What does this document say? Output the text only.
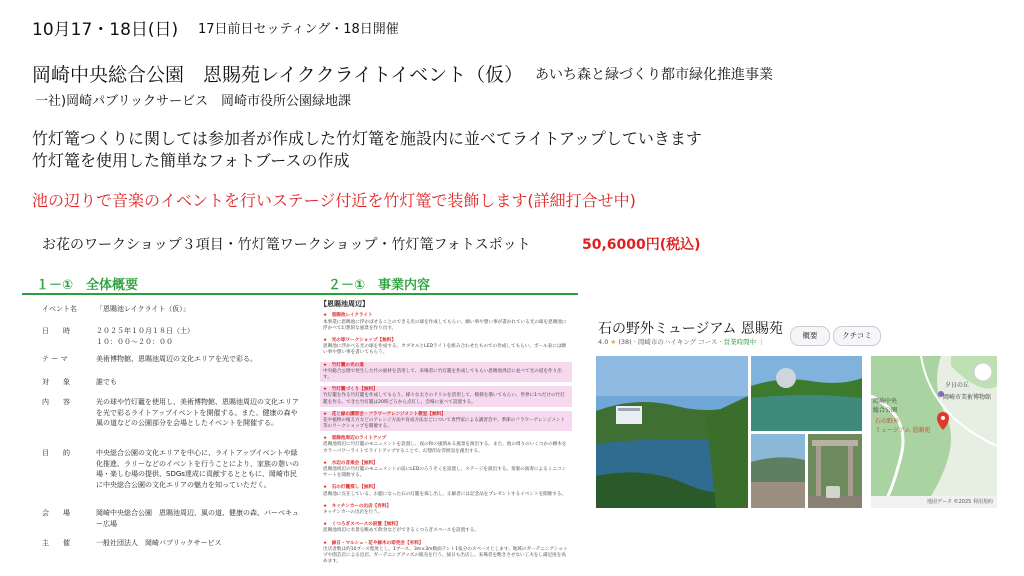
10月17・18日(日) 17日前日セッティング・18日開催
岡崎中央総合公園　恩賜苑レイククライトイベント（仮） あいち森と緑づくり都市緑化推進事業
一社)岡崎パブリックサービス　岡崎市役所公園緑地課
竹灯篭つくりに関しては参加者が作成した竹灯篭を施設内に並べてライトアップしていきます
竹灯篭を使用した簡単なフォトブースの作成
池の辺りで音楽のイベントを行いステージ付近を竹灯篭で装飾します(詳細打合せ中)
お花のワークショップ３項目・竹灯篭ワークショップ・竹灯篭フォトスポット	50,6000円(税込)
１－①　全体概要	２－①　事業内容
イベント名	「恩賜池レイクライト（仮）」
日　　時	２０２５年１０月１８日（土）
１０：００～２０：００
テ ー マ	美術博物館、恩賜池周辺の文化エリアを光で彩る。
対　　象	誰でも
内　　容	光の球や竹灯籠を使用し、美術博物館、恩賜池周辺の文化エリアを光で彩るライトアップイベントを開催する。また、健康の森や風の道などの公園部分を会場としたイベントを開催する。
目　　的	中央総合公園の文化エリアを中心に、ライトアップイベントや緑化推進、ラリーなどのイベントを行うことにより、家族の憩いの場・楽しむ場の提供、SDGs達成に貢献するとともに、岡崎市民に中央総合公園の文化エリアの魅力を知っていただく。
会　　場	岡崎中央総合公園　恩賜池周辺、風の道、健康の森、バーベキュー広場
主　　催	一般社団法人　岡崎パブリックサービス
【恩賜池周辺】
★　恩賜池レイクライト
本事業に恩賜池に浮かばせることのできる光の球を作成してもらい、願い事や想い事が書かれている光の球を恩賜池に浮かべて幻想的な風景を作り出す。
★　光の球ワークショップ【無料】
恩賜池に浮かべる光の球を作成する。カプセルとLEDライトを組み合わせたものでの作成してもらい、ボール表には願い事や想い事を書いてもらう。
★　竹灯籠の光の道
中央総合公園で発生した竹の廃材を活用して、来場者に竹灯籠を作成してもらい恩賜池周辺に並べて光の道を作り出す。
★　竹灯籠づくり【無料】
竹灯籠を作る竹灯籠を作成してもらう。様々な太さのドリルを活用して、模様を描いてもらい、世界に1つだけの竹灯籠を作る。できた竹灯籠は20時ごろから点灯し、会場に並べて設置する。
★　花と緑の講習会・フラワーアレンジメント教室【無料】
花や植物の植え方などのアレンジ方法や育成方法などについて専門家による講習会や、季節のフラワーアレンジメント等のワークショップを開催する。
★　恩賜池周辺のライトアップ
恩賜池周辺に竹灯籠のモニュメントを設置し、夜の和の風情ある風景を演出する。また、池の周りのいくつかの樹木をカラーパワーライトでライトアップすることで、幻想的な雰囲気を創出する。
★　水辺の音楽会【無料】
恩賜池周辺の竹灯籠のモニュメントの前にLEDのろうそくを設置し、ステージを演出する。奏楽の演奏によるミニコンサートを開催する。
★　石の灯籠探し【無料】
恩賜池に点在している、お題になった石の灯籠を探し出し、正解者には記念品をプレゼントするイベントを開催する。
★　キッチンカーの出店【有料】
キッチンカーの出店を行う。
★　くつろぎスペースの設置【無料】
恩賜池周辺に水景を眺めて飲食などができるくつろぎスペースを設置する。
★　緑日・マルシェ・花や緑木の即売会【有料】
出店者数は約10ブース程度とし、1ブース、3m×3m数面テント1張分のスペースとします。地域のガーデニングショップや園芸店による出店、ガーデニンググッズの販売を行う。緑日も出店し、来場者を飽きさせない工夫をし満足度を高めます。
石の野外ミュージアム 恩賜苑
4.0 ★ (38) · 岡崎市のハイキング コース · 営業時間中 ⋮
概要	クチコミ
夕日の丘
岡崎市美術博物館
岡崎中央
総合公園
石の野外
ミュージアム 恩賜苑
地図データ ©2025 利用規約
